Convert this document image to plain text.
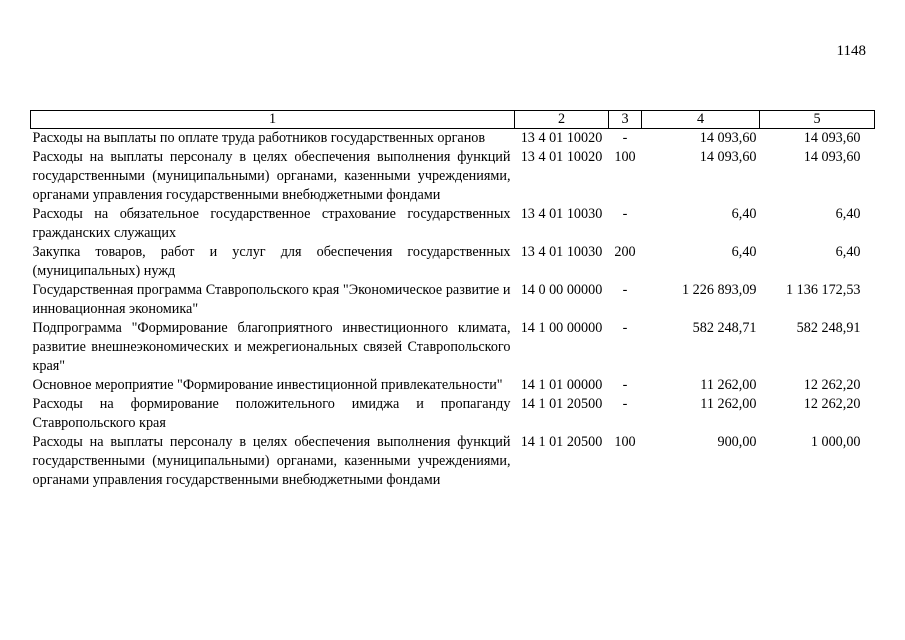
1148
1	2	3	4	5
Расходы на выплаты по оплате труда работников государственных органов	13 4 01 10020	-	14 093,60	14 093,60
Расходы на выплаты персоналу в целях обеспечения выполнения функций государственными (муниципальными) органами, казенными учреждениями, органами управления государственными внебюджетными фондами	13 4 01 10020	100	14 093,60	14 093,60
Расходы на обязательное государственное страхование государственных гражданских служащих	13 4 01 10030	-	6,40	6,40
Закупка товаров, работ и услуг для обеспечения государственных (муниципальных) нужд	13 4 01 10030	200	6,40	6,40
Государственная программа Ставропольского края "Экономическое развитие и инновационная экономика"	14 0 00 00000	-	1 226 893,09	1 136 172,53
Подпрограмма "Формирование благоприятного инвестиционного климата, развитие внешнеэкономических и межрегиональных связей Ставропольского края"	14 1 00 00000	-	582 248,71	582 248,91
Основное мероприятие "Формирование инвестиционной привлекательности"	14 1 01 00000	-	11 262,00	12 262,20
Расходы на формирование положительного имиджа и пропаганду Ставропольского края	14 1 01 20500	-	11 262,00	12 262,20
Расходы на выплаты персоналу в целях обеспечения выполнения функций государственными (муниципальными) органами, казенными учреждениями, органами управления государственными внебюджетными фондами	14 1 01 20500	100	900,00	1 000,00
